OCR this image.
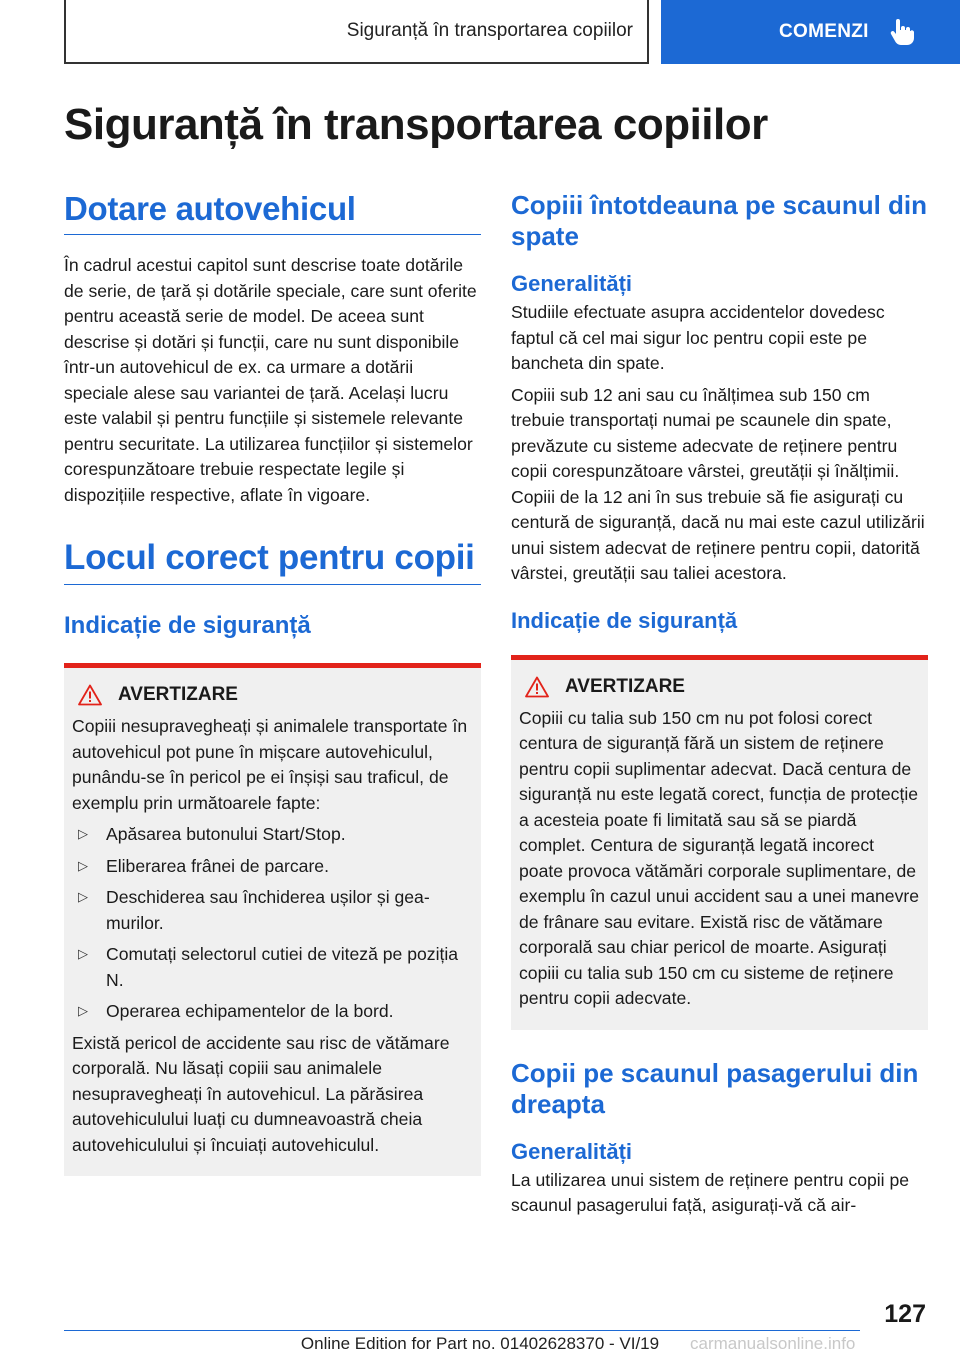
Siguranță în transportarea copiilor	COMENZI
Siguranță în transportarea copiilor
Dotare autovehicul

În cadrul acestui capitol sunt descrise toate dotările de serie, de țară și dotările speciale, care sunt oferite pentru această serie de model. De aceea sunt descrise și dotări și funcții, care nu sunt disponibile într-un autovehicul de ex. ca urmare a dotării speciale alese sau variantei de țară. Același lucru este valabil și pentru funcțiile și sistemele relevante pentru securitate. La utilizarea funcțiilor și sistemelor corespunzătoare trebuie respectate legile și dispozițiile respective, aflate în vigoare.

Locul corect pentru copii
Indicație de siguranță
AVERTIZARE

Copiii nesupravegheați și animalele transportate în autovehicul pot pune în mișcare autovehiculul, punându-se în pericol pe ei înșiși sau traficul, de exemplu prin următoarele fapte:

▷ Apăsarea butonului Start/Stop.
▷ Eliberarea frânei de parcare.
▷ Deschiderea sau închiderea ușilor și geamurilor.
▷ Comutați selectorul cutiei de viteză pe poziția N.
▷ Operarea echipamentelor de la bord.

Există pericol de accidente sau risc de vătămare corporală. Nu lăsați copiii sau animalele nesupravegheați în autovehicul. La părăsirea autovehiculului luați cu dumneavoastră cheia autovehiculului și încuiați autovehiculul.

Copiii întotdeauna pe scaunul din spate
Generalități

Studiile efectuate asupra accidentelor dovedesc faptul că cel mai sigur loc pentru copii este pe bancheta din spate.

Copiii sub 12 ani sau cu înălțimea sub 150 cm trebuie transportați numai pe scaunele din spate, prevăzute cu sisteme adecvate de reținere pentru copii corespunzătoare vârstei, greutății și înălțimii. Copiii de la 12 ani în sus trebuie să fie asigurați cu centură de siguranță, dacă nu mai este cazul utilizării unui sistem adecvat de reținere pentru copii, datorită vârstei, greutății sau taliei acestora.

Indicație de siguranță
AVERTIZARE

Copiii cu talia sub 150 cm nu pot folosi corect centura de siguranță fără un sistem de reținere pentru copii suplimentar adecvat. Dacă centura de siguranță nu este legată corect, funcția de protecție a acesteia poate fi limitată sau să se piardă complet. Centura de siguranță legată incorect poate provoca vătămări corporale suplimentare, de exemplu în cazul unui accident sau a unei manevre de frânare sau evitare. Există risc de vătămare corporală sau chiar pericol de moarte. Asigurați copiii cu talia sub 150 cm cu sisteme de reținere pentru copii adecvate.

Copii pe scaunul pasagerului din dreapta
Generalități

La utilizarea unui sistem de reținere pentru copii pe scaunul pasagerului față, asigurați-vă că air-

127
Online Edition for Part no. 01402628370 - VI/19	carmanualsonline.info
